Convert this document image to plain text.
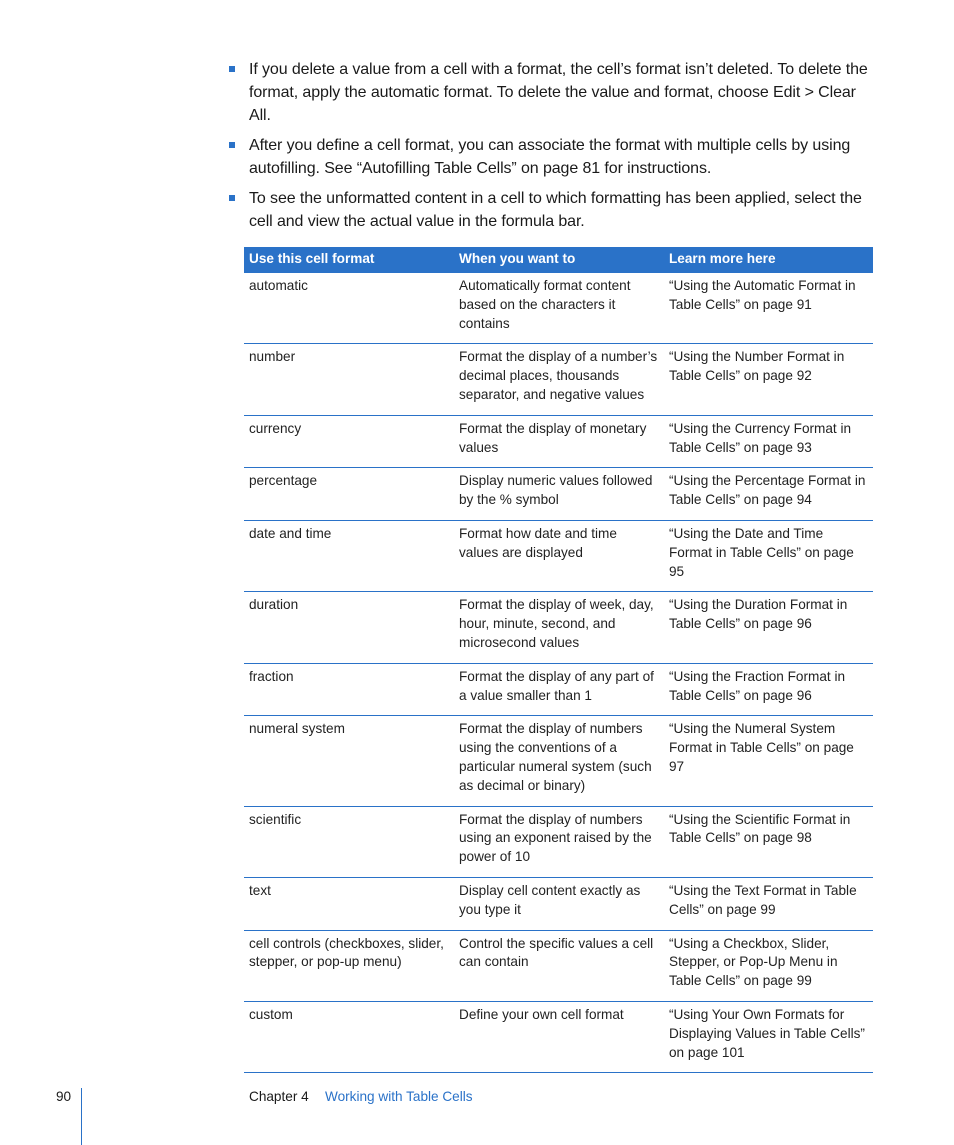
If you delete a value from a cell with a format, the cell’s format isn’t deleted. To delete the format, apply the automatic format. To delete the value and format, choose Edit > Clear All.
After you define a cell format, you can associate the format with multiple cells by using autofilling. See “Autofilling Table Cells” on page 81 for instructions.
To see the unformatted content in a cell to which formatting has been applied, select the cell and view the actual value in the formula bar.
Use this cell format	When you want to	Learn more here
automatic	Automatically format content based on the characters it contains	“Using the Automatic Format in Table Cells” on page 91
number	Format the display of a number’s decimal places, thousands separator, and negative values	“Using the Number Format in Table Cells” on page 92
currency	Format the display of monetary values	“Using the Currency Format in Table Cells” on page 93
percentage	Display numeric values followed by the % symbol	“Using the Percentage Format in Table Cells” on page 94
date and time	Format how date and time values are displayed	“Using the Date and Time Format in Table Cells” on page 95
duration	Format the display of week, day, hour, minute, second, and microsecond values	“Using the Duration Format in Table Cells” on page 96
fraction	Format the display of any part of a value smaller than 1	“Using the Fraction Format in Table Cells” on page 96
numeral system	Format the display of numbers using the conventions of a particular numeral system (such as decimal or binary)	“Using the Numeral System Format in Table Cells” on page 97
scientific	Format the display of numbers using an exponent raised by the power of 10	“Using the Scientific Format in Table Cells” on page 98
text	Display cell content exactly as you type it	“Using the Text Format in Table Cells” on page 99
cell controls (checkboxes, slider, stepper, or pop-up menu)	Control the specific values a cell can contain	“Using a Checkbox, Slider, Stepper, or Pop-Up Menu in Table Cells” on page 99
custom	Define your own cell format	“Using Your Own Formats for Displaying Values in Table Cells” on page 101
90	Chapter 4 Working with Table Cells
